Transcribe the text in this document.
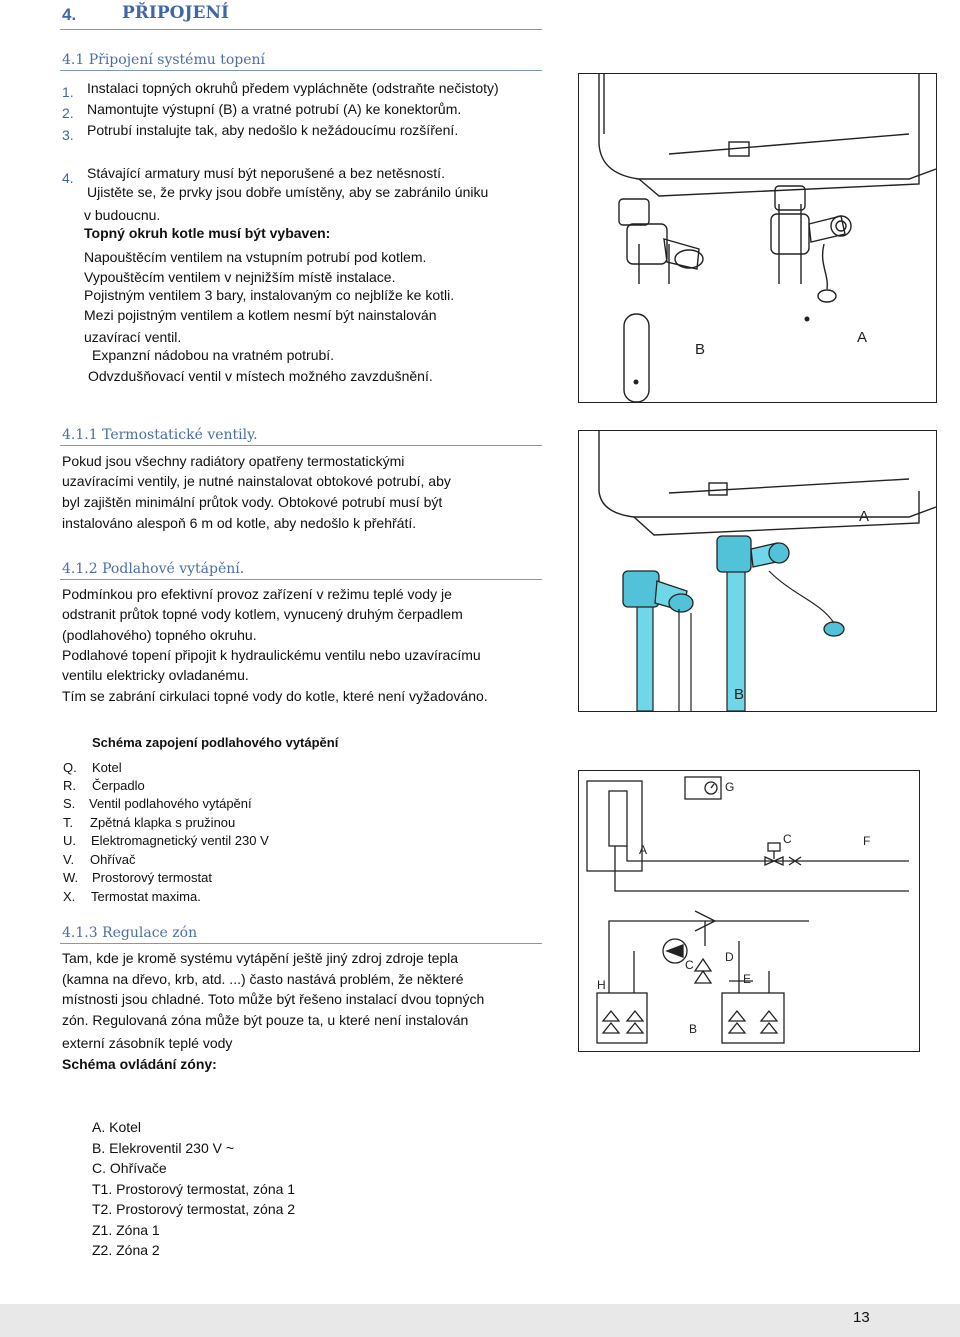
4.	PŘIPOJENÍ
4.1 Připojení systému topení
1. Instalaci topných okruhů předem vypláchněte (odstraňte nečistoty)
2. Namontujte výstupní (B) a vratné potrubí (A) ke konektorům.
3. Potrubí instalujte tak, aby nedošlo k nežádoucímu rozšíření.
4. Stávající armatury musí být neporušené a bez netěsností.
Ujistěte se, že prvky jsou dobře umístěny, aby se zabránilo úniku
v budoucnu.
Topný okruh kotle musí být vybaven:
Napouštěcím ventilem na vstupním potrubí pod kotlem.
Vypouštěcím ventilem v nejnižším místě instalace.
Pojistným ventilem 3 bary, instalovaným co nejblíže ke kotli.
Mezi pojistným ventilem a kotlem nesmí být nainstalován
uzavírací ventil.
Expanzní nádobou na vratném potrubí.
Odvzdušňovací ventil v místech možného zavzdušnění.
B
A
4.1.1 Termostatické ventily.
Pokud jsou všechny radiátory opatřeny termostatickými
uzavíracími ventily, je nutné nainstalovat obtokové potrubí, aby
byl zajištěn minimální průtok vody. Obtokové potrubí musí být
instalováno alespoň 6 m od kotle, aby nedošlo k přehřátí.	A
B
4.1.2 Podlahové vytápění.
Podmínkou pro efektivní provoz zařízení v režimu teplé vody je
odstranit průtok topné vody kotlem, vynucený druhým čerpadlem
(podlahového) topného okruhu.
Podlahové topení připojit k hydraulickému ventilu nebo uzavíracímu
ventilu elektricky ovladanému.
Tím se zabrání cirkulaci topné vody do kotle, které není vyžadováno.
Schéma zapojení podlahového vytápění
Q. Kotel
R. Čerpadlo
S. Ventil podlahového vytápění
T. Zpětná klapka s pružinou
U. Elektromagnetický ventil 230 V
V. Ohřívač
W. Prostorový termostat
X. Termostat maxima.
G
A
C	F
H
C
D
E
B
4.1.3 Regulace zón
Tam, kde je kromě systému vytápění ještě jiný zdroj zdroje tepla
(kamna na dřevo, krb, atd. ...) často nastává problém, že některé
místnosti jsou chladné. Toto může být řešeno instalací dvou topných
zón. Regulovaná zóna může být pouze ta, u které není instalován
externí zásobník teplé vody
Schéma ovládání zóny:
A. Kotel
B. Elekroventil 230 V ~
C. Ohřívače
T1. Prostorový termostat, zóna 1
T2. Prostorový termostat, zóna 2
Z1. Zóna 1
Z2. Zóna 2
13
